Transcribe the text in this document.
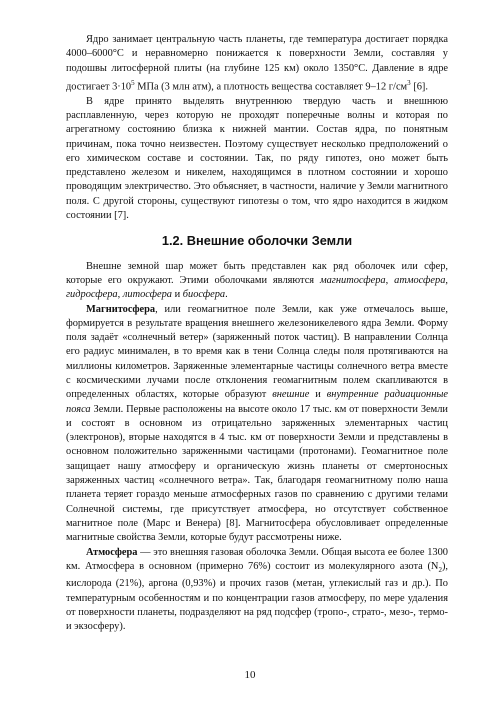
Ядро занимает центральную часть планеты, где температура достигает порядка 4000–6000°C и неравномерно понижается к поверхности Земли, составляя у подошвы литосферной плиты (на глубине 125 км) около 1350°C. Давление в ядре достигает $3\cdot 10^5$ МПа (3 млн атм), а плотность вещества составляет 9–12 $г/см^3$ [6].

В ядре принято выделять внутреннюю твердую часть и внешнюю расплавленную, через которую не проходят поперечные волны и которая по агрегатному состоянию близка к нижней мантии. Состав ядра, по понятным причинам, пока точно неизвестен. Поэтому существует несколько предположений о его химическом составе и состоянии. Так, по ряду гипотез, оно может быть представлено железом и никелем, находящимся в плотном состоянии и хорошо проводящим электричество. Это объясняет, в частности, наличие у Земли магнитного поля. С другой стороны, существуют гипотезы о том, что ядро находится в жидком состоянии [7].

1.2. Внешние оболочки Земли

Внешне земной шар может быть представлен как ряд оболочек или сфер, которые его окружают. Этими оболочками являются магнитосфера, атмосфера, гидросфера, литосфера и биосфера.

Магнитосфера, или геомагнитное поле Земли, как уже отмечалось выше, формируется в результате вращения внешнего железоникелевого ядра Земли. Форму поля задаёт «солнечный ветер» (заряженный поток частиц). В направлении Солнца его радиус минимален, в то время как в тени Солнца следы поля протягиваются на миллионы километров. Заряженные элементарные частицы солнечного ветра вместе с космическими лучами после отклонения геомагнитным полем скапливаются в определенных областях, которые образуют внешние и внутренние радиационные пояса Земли. Первые расположены на высоте около 17 тыс. км от поверхности Земли и состоят в основном из отрицательно заряженных элементарных частиц (электронов), вторые находятся в 4 тыс. км от поверхности Земли и представлены в основном положительно заряженными частицами (протонами). Геомагнитное поле защищает нашу атмосферу и органическую жизнь планеты от смертоносных заряженных частиц «солнечного ветра». Так, благодаря геомагнитному полю наша планета теряет гораздо меньше атмосферных газов по сравнению с другими телами Солнечной системы, где присутствует атмосфера, но отсутствует собственное магнитное поле (Марс и Венера) [8]. Магнитосфера обусловливает определенные магнитные свойства Земли, которые будут рассмотрены ниже.

Атмосфера — это внешняя газовая оболочка Земли. Общая высота ее более 1300 км. Атмосфера в основном (примерно 76%) состоит из молекулярного азота $(N_2)$, кислорода (21%), аргона (0,93%) и прочих газов (метан, углекислый газ и др.). По температурным особенностям и по концентрации газов атмосферу, по мере удаления от поверхности планеты, подразделяют на ряд подсфер (тропо-, страто-, мезо-, термо- и экзосферу).

10
